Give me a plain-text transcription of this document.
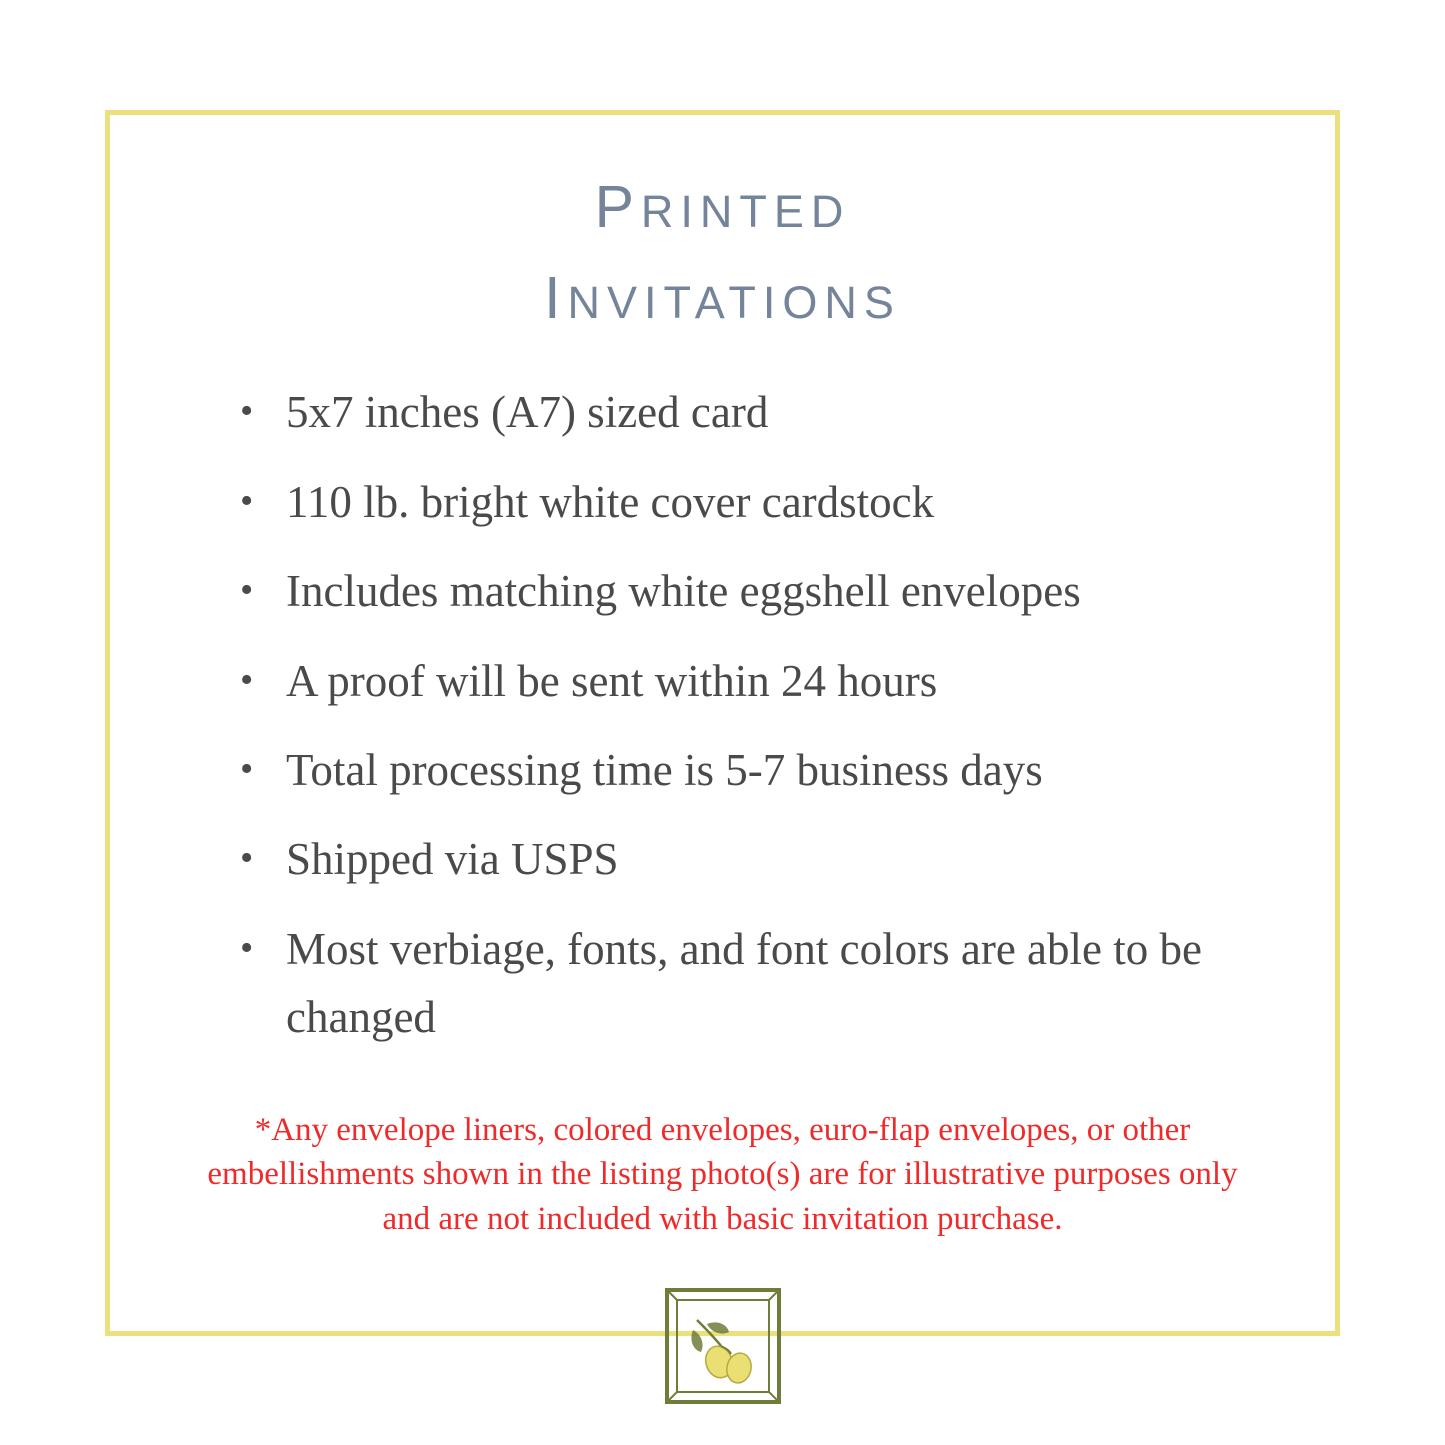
printed
invitations
• 5x7 inches (A7) sized card
• 110 lb. bright white cover cardstock
• Includes matching white eggshell envelopes
• A proof will be sent within 24 hours
• Total processing time is 5-7 business days
• Shipped via USPS
• Most verbiage, fonts, and font colors are able to be changed
*Any envelope liners, colored envelopes, euro-flap envelopes, or other embellishments shown in the listing photo(s) are for illustrative purposes only and are not included with basic invitation purchase.
